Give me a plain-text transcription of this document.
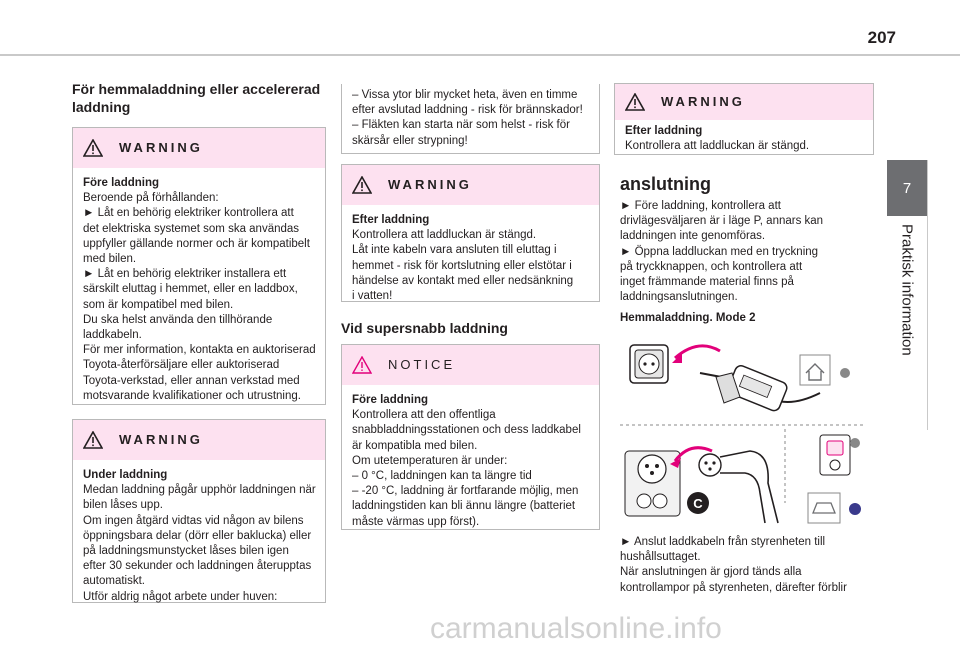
207
7
Praktisk information
För hemmaladdning eller accelererad
laddning
WARNING
Före laddning
Beroende på förhållanden:
► Låt en behörig elektriker kontrollera att
det elektriska systemet som ska användas
uppfyller gällande normer och är kompatibelt
med bilen.
► Låt en behörig elektriker installera ett
särskilt eluttag i hemmet, eller en laddbox,
som är kompatibel med bilen.
Du ska helst använda den tillhörande
laddkabeln.
För mer information, kontakta en auktoriserad
Toyota-återförsäljare eller auktoriserad
Toyota-verkstad, eller annan verkstad med
motsvarande kvalifikationer och utrustning.
WARNING
Under laddning
Medan laddning pågår upphör laddningen när
bilen låses upp.
Om ingen åtgärd vidtas vid någon av bilens
öppningsbara delar (dörr eller baklucka) eller
på laddningsmunstycket låses bilen igen
efter 30 sekunder och laddningen återupptas
automatiskt.
Utför aldrig något arbete under huven:
– Vissa ytor blir mycket heta, även en timme
efter avslutad laddning - risk för brännskador!
– Fläkten kan starta när som helst - risk för
skärsår eller strypning!
WARNING
Efter laddning
Kontrollera att laddluckan är stängd.
Låt inte kabeln vara ansluten till eluttag i
hemmet - risk för kortslutning eller elstötar i
händelse av kontakt med eller nedsänkning
i vatten!
Vid supersnabb laddning
NOTICE
Före laddning
Kontrollera att den offentliga
snabbladdningsstationen och dess laddkabel
är kompatibla med bilen.
Om utetemperaturen är under:
– 0 °C, laddningen kan ta längre tid
– -20 °C, laddning är fortfarande möjlig, men
laddningstiden kan bli ännu längre (batteriet
måste värmas upp först).
WARNING
Efter laddning
Kontrollera att laddluckan är stängd.
anslutning
► Före laddning, kontrollera att
drivlägesväljaren är i läge P, annars kan
laddningen inte genomföras.
► Öppna laddluckan med en tryckning
på tryckknappen, och kontrollera att
inget främmande material finns på
laddningsanslutningen.
Hemmaladdning. Mode 2
C
► Anslut laddkabeln från styrenheten till
hushållsuttaget.
När anslutningen är gjord tänds alla
kontrollampor på styrenheten, därefter förblir
carmanualsonline.info
